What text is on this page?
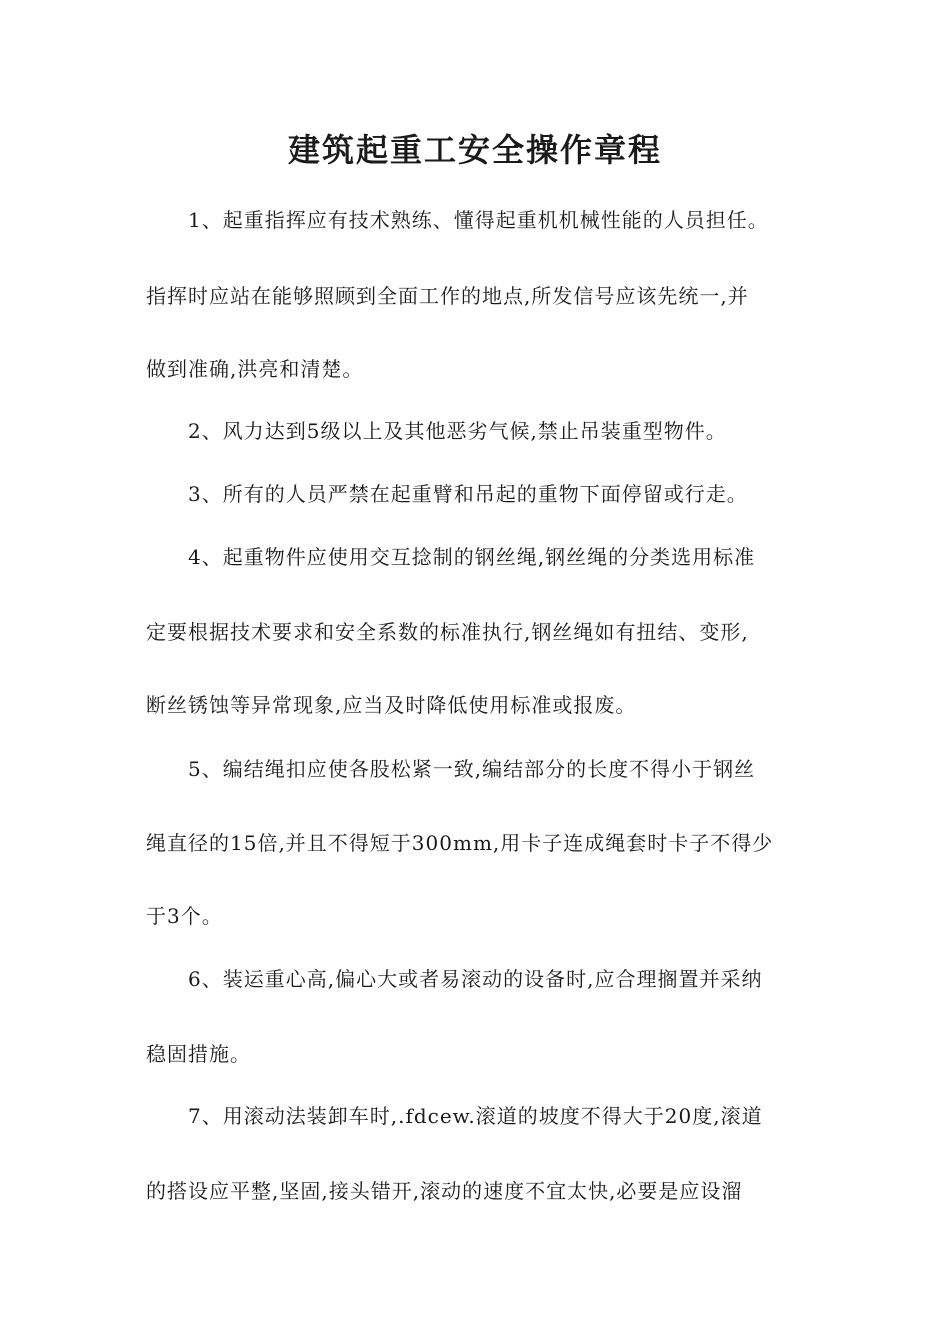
建筑起重工安全操作章程

1、起重指挥应有技术熟练、懂得起重机机械性能的人员担任。

指挥时应站在能够照顾到全面工作的地点,所发信号应该先统一,并

做到准确,洪亮和清楚。

2、风力达到5级以上及其他恶劣气候,禁止吊装重型物件。

3、所有的人员严禁在起重臂和吊起的重物下面停留或行走。

4、起重物件应使用交互捻制的钢丝绳,钢丝绳的分类选用标准

定要根据技术要求和安全系数的标准执行,钢丝绳如有扭结、变形,

断丝锈蚀等异常现象,应当及时降低使用标准或报废。

5、编结绳扣应使各股松紧一致,编结部分的长度不得小于钢丝

绳直径的15倍,并且不得短于300mm,用卡子连成绳套时卡子不得少

于3个。

6、装运重心高,偏心大或者易滚动的设备时,应合理搁置并采纳

稳固措施。

7、用滚动法装卸车时,.fdcew.滚道的坡度不得大于20度,滚道

的搭设应平整,坚固,接头错开,滚动的速度不宜太快,必要是应设溜
